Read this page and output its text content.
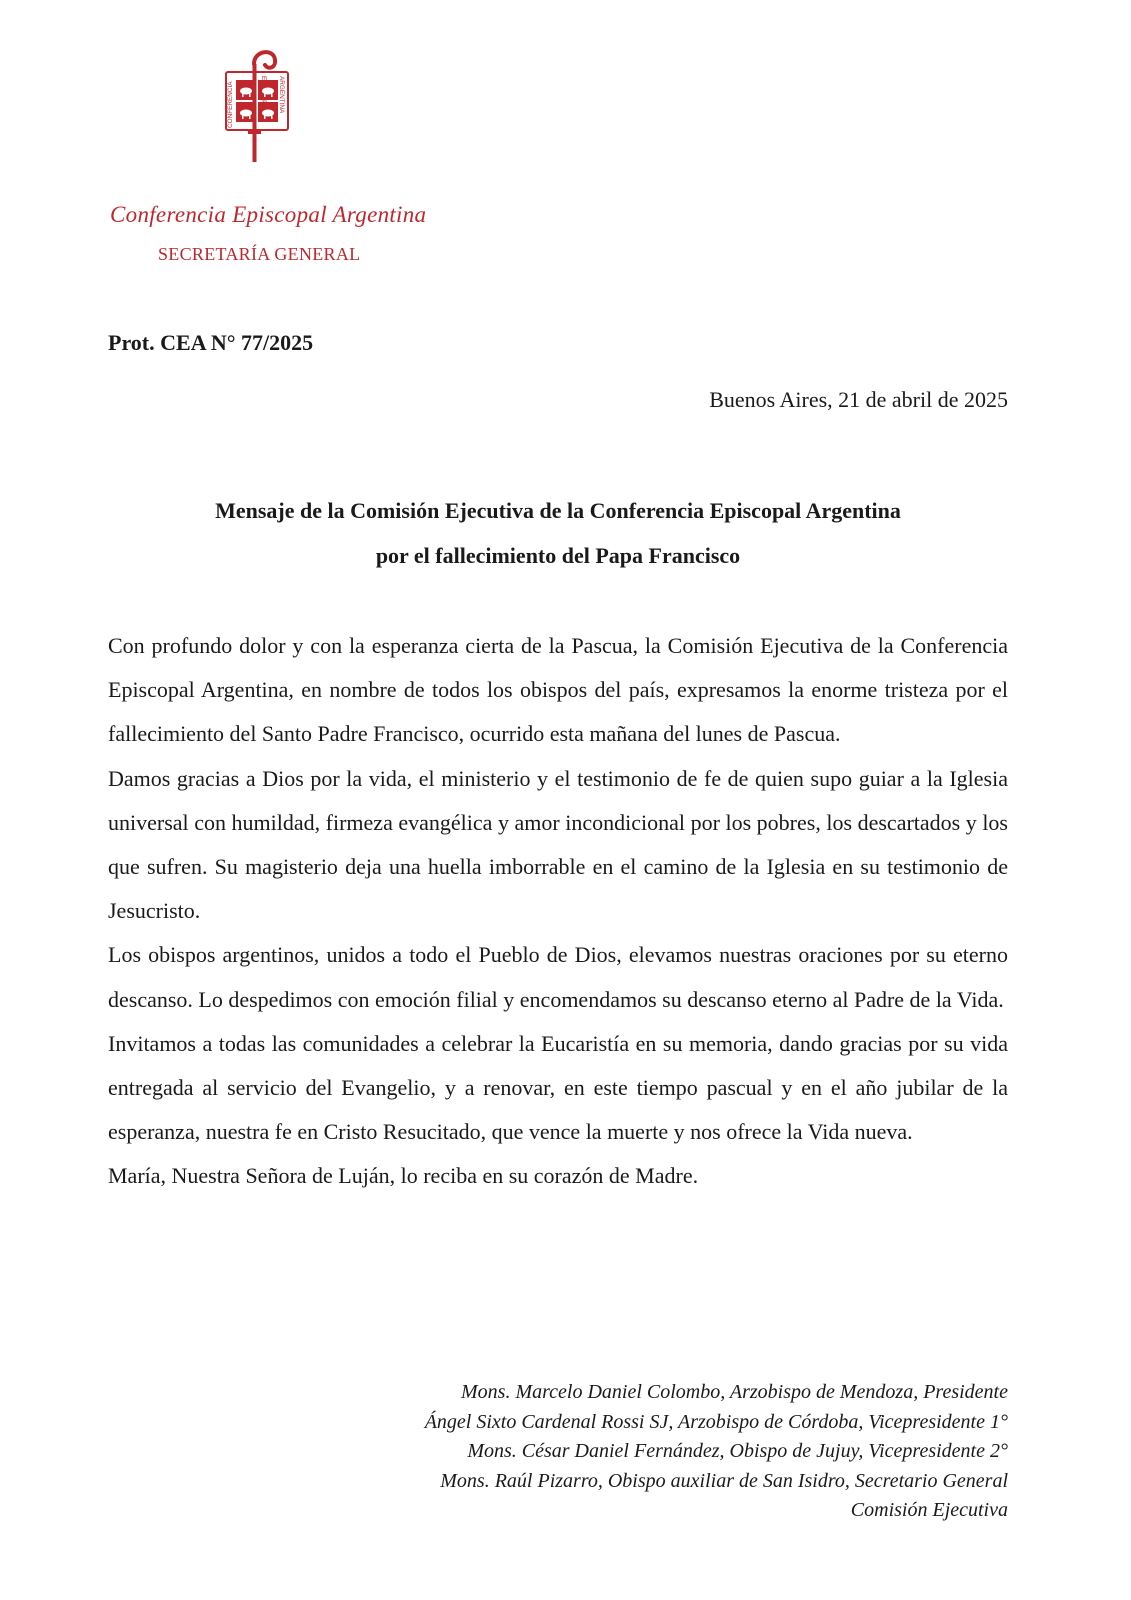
CONFERENCIA	ARGENTINA
Conferencia Episcopal Argentina
SECRETARÍA GENERAL
Prot. CEA N° 77/2025
Buenos Aires, 21 de abril de 2025
Mensaje de la Comisión Ejecutiva de la Conferencia Episcopal Argentina
por el fallecimiento del Papa Francisco

Con profundo dolor y con la esperanza cierta de la Pascua, la Comisión Ejecutiva de la Conferencia Episcopal Argentina, en nombre de todos los obispos del país, expresamos la enorme tristeza por el fallecimiento del Santo Padre Francisco, ocurrido esta mañana del lunes de Pascua.

Damos gracias a Dios por la vida, el ministerio y el testimonio de fe de quien supo guiar a la Iglesia universal con humildad, firmeza evangélica y amor incondicional por los pobres, los descartados y los que sufren. Su magisterio deja una huella imborrable en el camino de la Iglesia en su testimonio de Jesucristo.

Los obispos argentinos, unidos a todo el Pueblo de Dios, elevamos nuestras oraciones por su eterno descanso. Lo despedimos con emoción filial y encomendamos su descanso eterno al Padre de la Vida.

Invitamos a todas las comunidades a celebrar la Eucaristía en su memoria, dando gracias por su vida entregada al servicio del Evangelio, y a renovar, en este tiempo pascual y en el año jubilar de la esperanza, nuestra fe en Cristo Resucitado, que vence la muerte y nos ofrece la Vida nueva.

María, Nuestra Señora de Luján, lo reciba en su corazón de Madre.

Mons. Marcelo Daniel Colombo, Arzobispo de Mendoza, Presidente
Ángel Sixto Cardenal Rossi SJ, Arzobispo de Córdoba, Vicepresidente 1°
Mons. César Daniel Fernández, Obispo de Jujuy, Vicepresidente 2°
Mons. Raúl Pizarro, Obispo auxiliar de San Isidro, Secretario General
Comisión Ejecutiva
